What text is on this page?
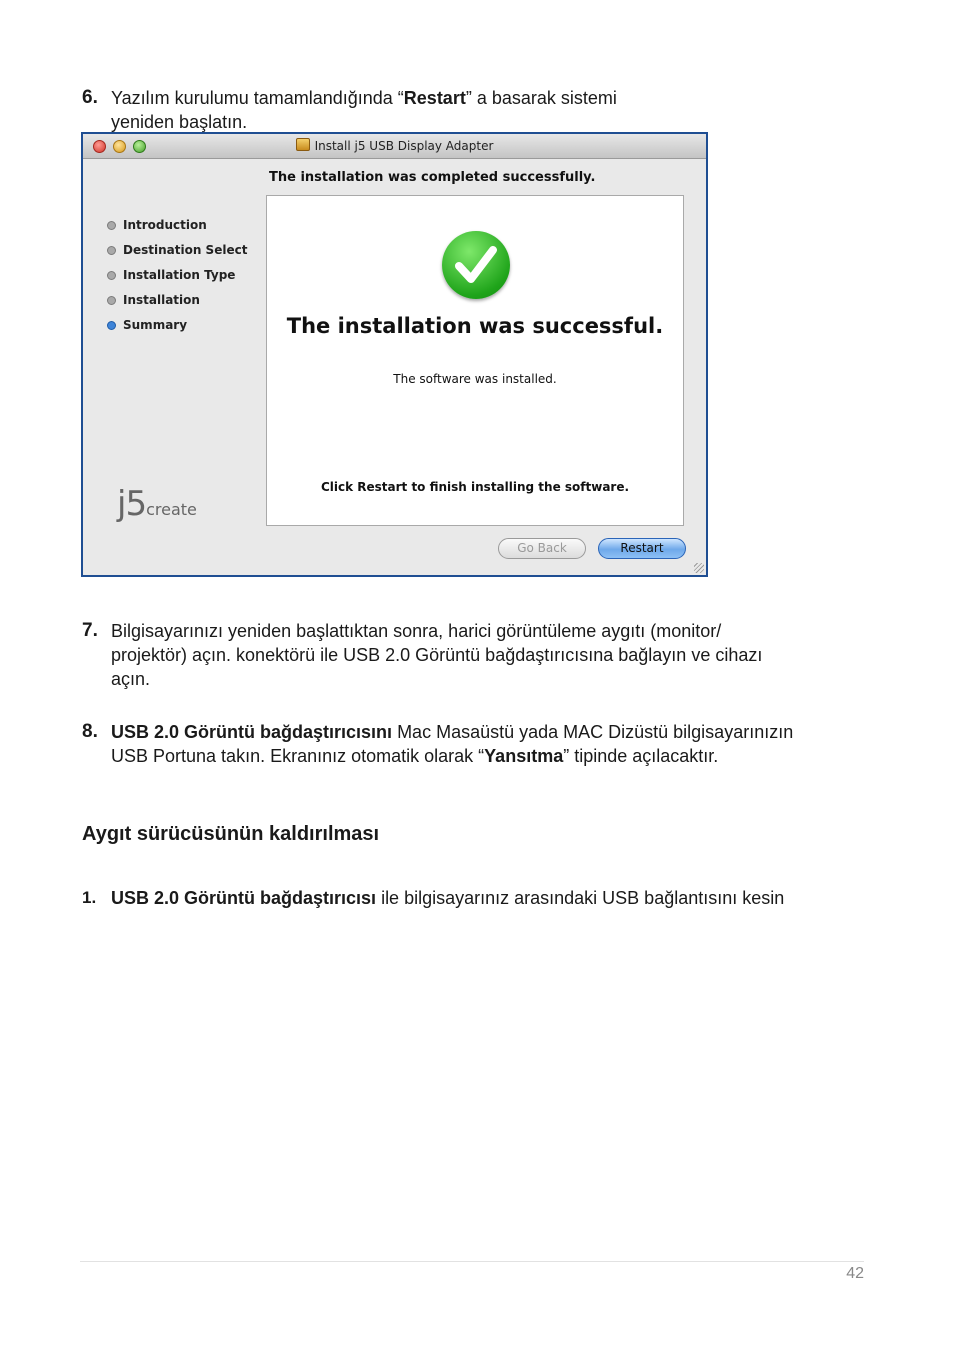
6. Yazılım kurulumu tamamlandığında “Restart” a basarak sistemi
yeniden başlatın.
Install j5 USB Display Adapter
The installation was completed successfully.
Introduction
Destination Select
Installation Type
Installation
Summary
j5create
The installation was successful.
The software was installed.
Click Restart to finish installing the software.
Go Back	Restart
7. Bilgisayarınızı yeniden başlattıktan sonra, harici görüntüleme aygıtı (monitor/
projektör) açın. konektörü ile USB 2.0 Görüntü bağdaştırıcısına bağlayın ve cihazı
açın.
8. USB 2.0 Görüntü bağdaştırıcısını Mac Masaüstü yada MAC Dizüstü bilgisayarınızın
USB Portuna takın. Ekranınız otomatik olarak “Yansıtma” tipinde açılacaktır.
Aygıt sürücüsünün kaldırılması
1. USB 2.0 Görüntü bağdaştırıcısı ile bilgisayarınız arasındaki USB bağlantısını kesin
42
